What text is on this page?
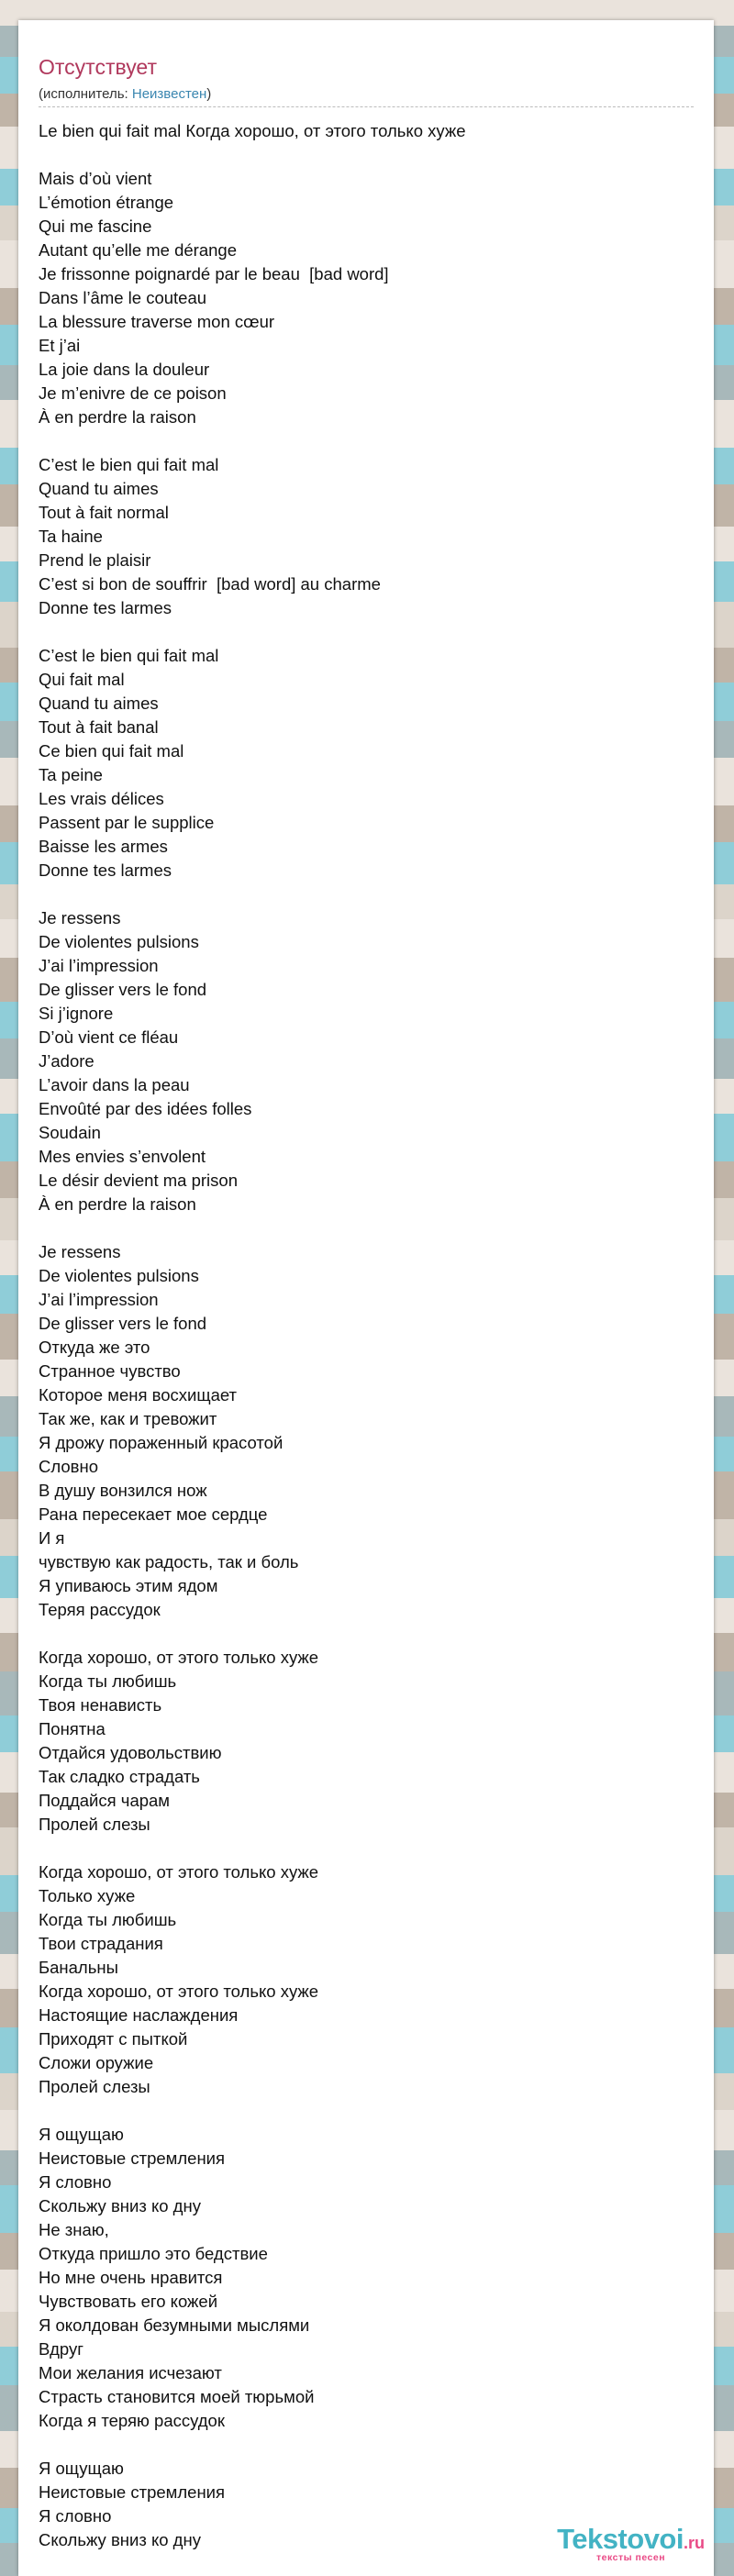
Отсутствует
(исполнитель: Неизвестен)
Le bien qui fait mal Когда хорошо, от этого только хуже
Mais d’où vient
L’émotion étrange
Qui me fascine
Autant qu’elle me dérange
Je frissonne poignardé par le beau  [bad word]
Dans l’âme le couteau
La blessure traverse mon cœur
Et j’ai
La joie dans la douleur
Je m’enivre de ce poison
À en perdre la raison
C’est le bien qui fait mal
Quand tu aimes
Tout à fait normal
Ta haine
Prend le plaisir
C’est si bon de souffrir  [bad word] au charme
Donne tes larmes
C’est le bien qui fait mal
Qui fait mal
Quand tu aimes
Tout à fait banal
Ce bien qui fait mal
Ta peine
Les vrais délices
Passent par le supplice
Baisse les armes
Donne tes larmes
Je ressens
De violentes pulsions
J’ai l’impression
De glisser vers le fond
Si j’ignore
D’où vient ce fléau
J’adore
L’avoir dans la peau
Envoûté par des idées folles
Soudain
Mes envies s’envolent
Le désir devient ma prison
À en perdre la raison
Je ressens
De violentes pulsions
J’ai l’impression
De glisser vers le fond
Откуда же это
Странное чувство
Которое меня восхищает
Так же, как и тревожит
Я дрожу пораженный красотой
Словно
В душу вонзился нож
Рана пересекает мое сердце
И я
чувствую как радость, так и боль
Я упиваюсь этим ядом
Теряя рассудок
Когда хорошо, от этого только хуже
Когда ты любишь
Твоя ненависть
Понятна
Отдайся удовольствию
Так сладко страдать
Поддайся чарам
Пролей слезы
Когда хорошо, от этого только хуже
Только хуже
Когда ты любишь
Твои страдания
Банальны
Когда хорошо, от этого только хуже
Настоящие наслаждения
Приходят с пыткой
Сложи оружие
Пролей слезы
Я ощущаю
Неистовые стремления
Я словно
Скольжу вниз ко дну
Не знаю,
Откуда пришло это бедствие
Но мне очень нравится
Чувствовать его кожей
Я околдован безумными мыслями
Вдруг
Мои желания исчезают
Страсть становится моей тюрьмой
Когда я теряю рассудок
Я ощущаю
Неистовые стремления
Я словно
Скольжу вниз ко дну	Tekstovoi.ru
тексты песен
